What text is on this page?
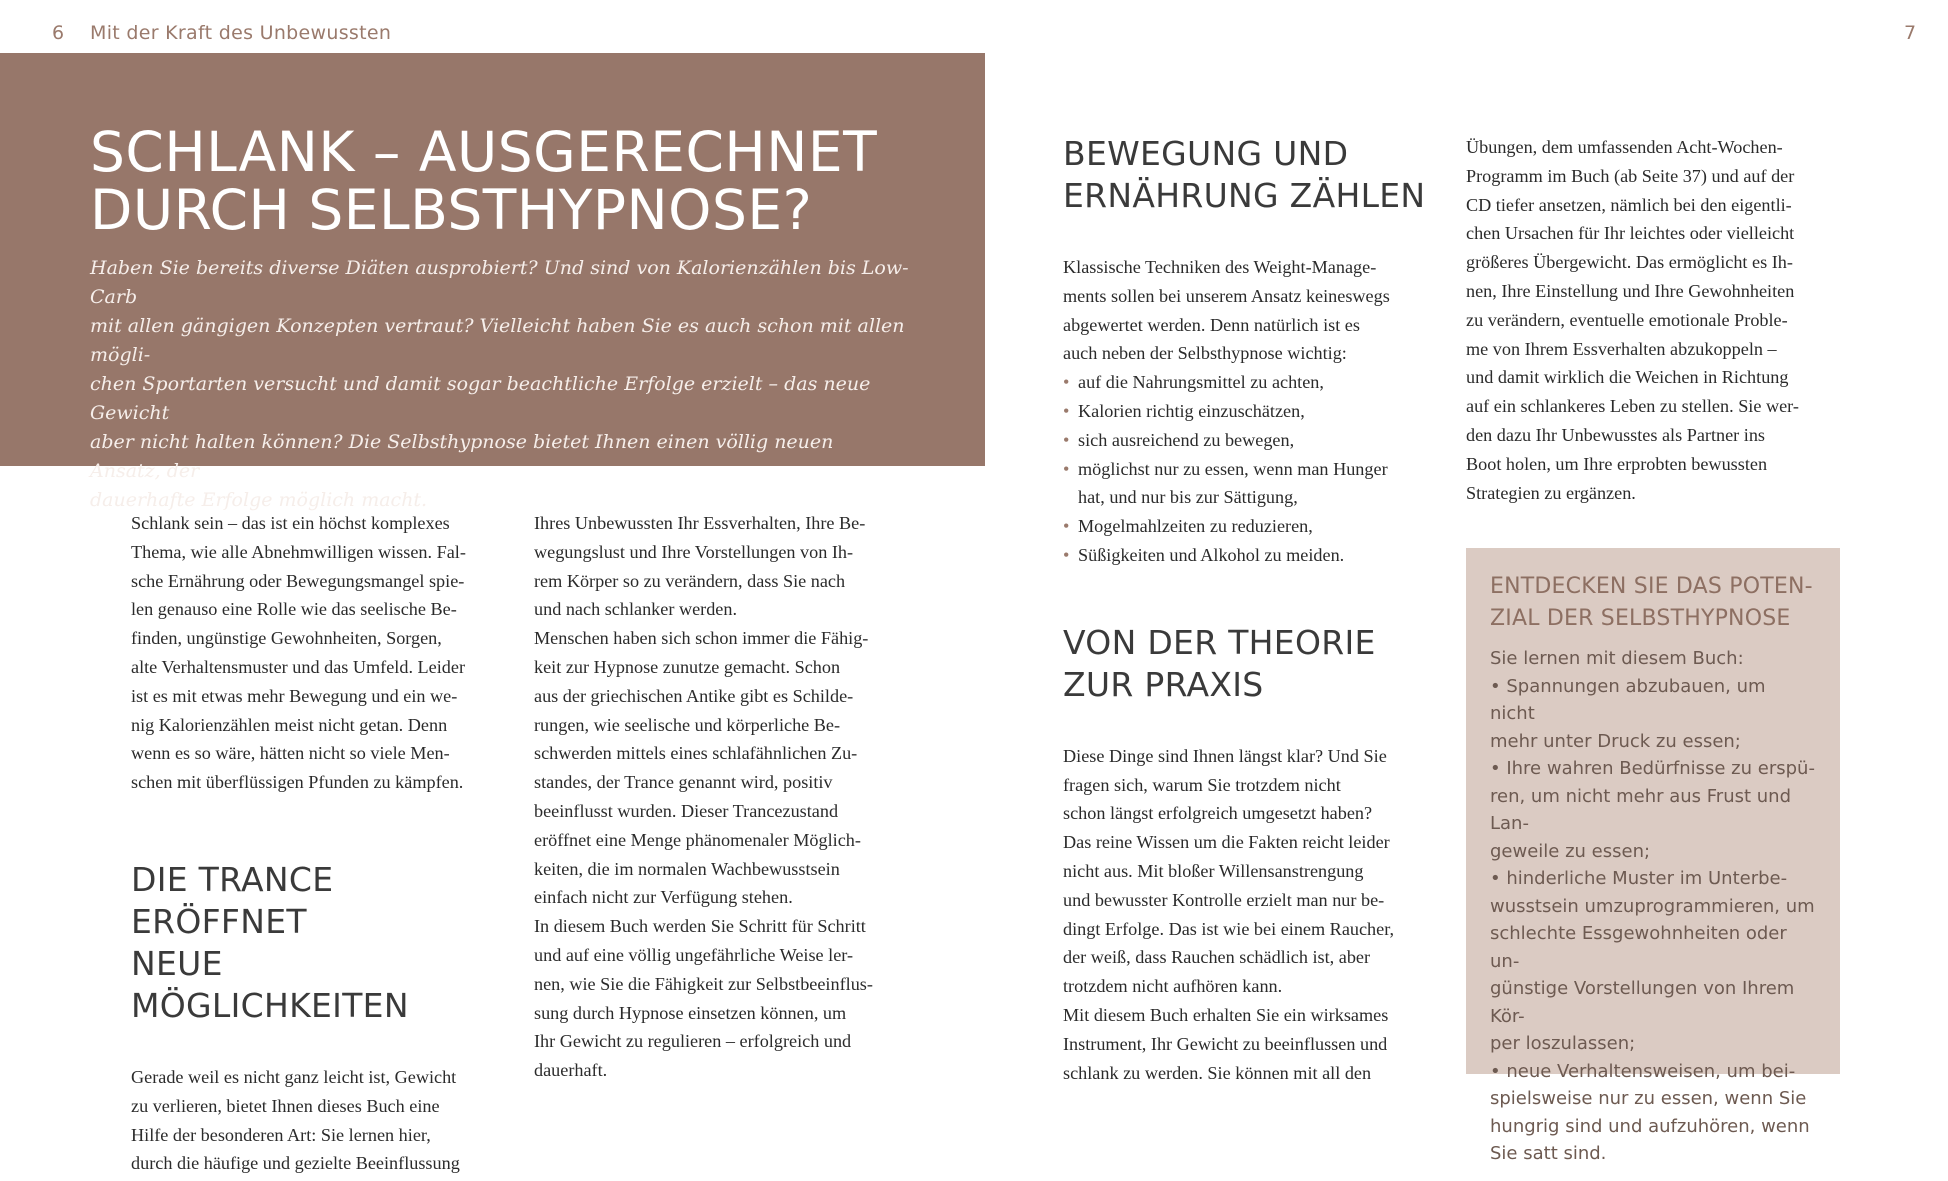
6 Mit der Kraft des Unbewussten	7
SCHLANK – AUSGERECHNET
DURCH SELBSTHYPNOSE?

Haben Sie bereits diverse Diäten ausprobiert? Und sind von Kalorienzählen bis Low-Carb
mit allen gängigen Konzepten vertraut? Vielleicht haben Sie es auch schon mit allen mögli-
chen Sportarten versucht und damit sogar beachtliche Erfolge erzielt – das neue Gewicht
aber nicht halten können? Die Selbsthypnose bietet Ihnen einen völlig neuen Ansatz, der
dauerhafte Erfolge möglich macht.

Schlank sein – das ist ein höchst komplexes
Thema, wie alle Abnehmwilligen wissen. Fal-
sche Ernährung oder Bewegungsmangel spie-
len genauso eine Rolle wie das seelische Be-
finden, ungünstige Gewohnheiten, Sorgen,
alte Verhaltensmuster und das Umfeld. Leider
ist es mit etwas mehr Bewegung und ein we-
nig Kalorienzählen meist nicht getan. Denn
wenn es so wäre, hätten nicht so viele Men-
schen mit überflüssigen Pfunden zu kämpfen.

DIE TRANCE ERÖFFNET
NEUE MÖGLICHKEITEN

Gerade weil es nicht ganz leicht ist, Gewicht
zu verlieren, bietet Ihnen dieses Buch eine
Hilfe der besonderen Art: Sie lernen hier,
durch die häufige und gezielte Beeinflussung

Ihres Unbewussten Ihr Essverhalten, Ihre Be-
wegungslust und Ihre Vorstellungen von Ih-
rem Körper so zu verändern, dass Sie nach
und nach schlanker werden.
Menschen haben sich schon immer die Fähig-
keit zur Hypnose zunutze gemacht. Schon
aus der griechischen Antike gibt es Schilde-
rungen, wie seelische und körperliche Be-
schwerden mittels eines schlafähnlichen Zu-
standes, der Trance genannt wird, positiv
beeinflusst wurden. Dieser Trancezustand
eröffnet eine Menge phänomenaler Möglich-
keiten, die im normalen Wachbewusstsein
einfach nicht zur Verfügung stehen.
In diesem Buch werden Sie Schritt für Schritt
und auf eine völlig ungefährliche Weise ler-
nen, wie Sie die Fähigkeit zur Selbstbeeinflus-
sung durch Hypnose einsetzen können, um
Ihr Gewicht zu regulieren – erfolgreich und
dauerhaft.

BEWEGUNG UND
ERNÄHRUNG ZÄHLEN

Klassische Techniken des Weight-Manage-
ments sollen bei unserem Ansatz keineswegs
abgewertet werden. Denn natürlich ist es
auch neben der Selbsthypnose wichtig:

• auf die Nahrungsmittel zu achten,
• Kalorien richtig einzuschätzen,
• sich ausreichend zu bewegen,
• möglichst nur zu essen, wenn man Hunger
hat, und nur bis zur Sättigung,
• Mogelmahlzeiten zu reduzieren,
• Süßigkeiten und Alkohol zu meiden.
VON DER THEORIE
ZUR PRAXIS

Diese Dinge sind Ihnen längst klar? Und Sie
fragen sich, warum Sie trotzdem nicht
schon längst erfolgreich umgesetzt haben?
Das reine Wissen um die Fakten reicht leider
nicht aus. Mit bloßer Willensanstrengung
und bewusster Kontrolle erzielt man nur be-
dingt Erfolge. Das ist wie bei einem Raucher,
der weiß, dass Rauchen schädlich ist, aber
trotzdem nicht aufhören kann.
Mit diesem Buch erhalten Sie ein wirksames
Instrument, Ihr Gewicht zu beeinflussen und
schlank zu werden. Sie können mit all den

Übungen, dem umfassenden Acht-Wochen-
Programm im Buch (ab Seite 37) und auf der
CD tiefer ansetzen, nämlich bei den eigentli-
chen Ursachen für Ihr leichtes oder vielleicht
größeres Übergewicht. Das ermöglicht es Ih-
nen, Ihre Einstellung und Ihre Gewohnheiten
zu verändern, eventuelle emotionale Proble-
me von Ihrem Essverhalten abzukoppeln –
und damit wirklich die Weichen in Richtung
auf ein schlankeres Leben zu stellen. Sie wer-
den dazu Ihr Unbewusstes als Partner ins
Boot holen, um Ihre erprobten bewussten
Strategien zu ergänzen.

ENTDECKEN SIE DAS POTEN-
ZIAL DER SELBSTHYPNOSE

Sie lernen mit diesem Buch:

• Spannungen abzubauen, um nicht
mehr unter Druck zu essen;
• Ihre wahren Bedürfnisse zu erspü-
ren, um nicht mehr aus Frust und Lan-
geweile zu essen;
• hinderliche Muster im Unterbe-
wusstsein umzuprogrammieren, um
schlechte Essgewohnheiten oder un-
günstige Vorstellungen von Ihrem Kör-
per loszulassen;
• neue Verhaltensweisen, um bei-
spielsweise nur zu essen, wenn Sie
hungrig sind und aufzuhören, wenn
Sie satt sind.
